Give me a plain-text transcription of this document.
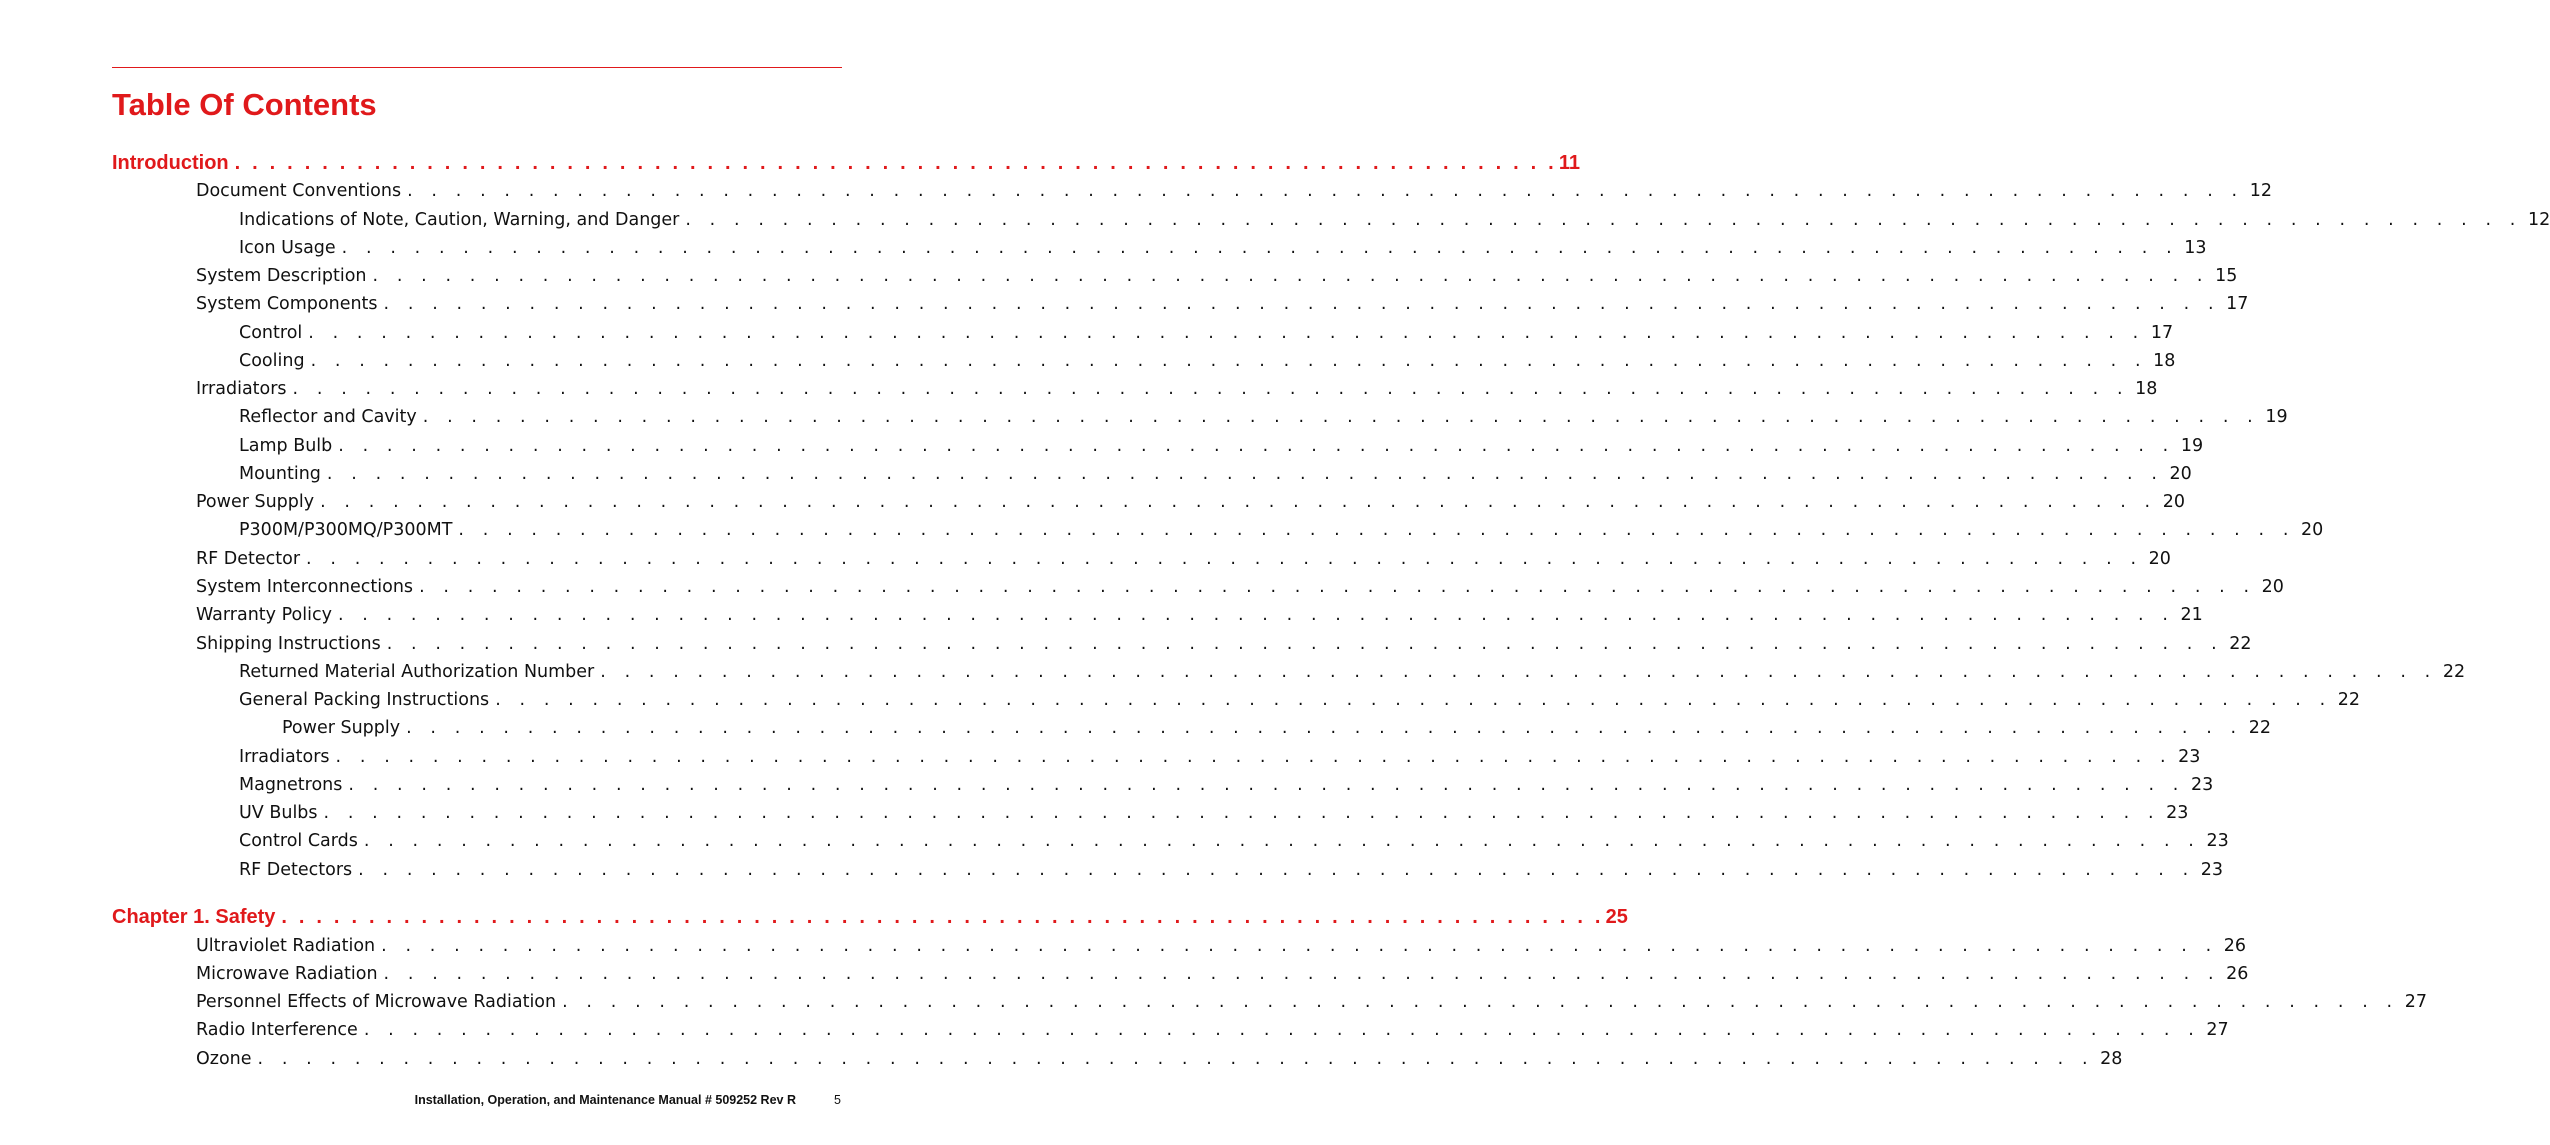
Table Of Contents
Introduction . . . . . . . . . . . . . . . . . . . . . . . . . . . . . . . . . . . . . . . . . . . . . . . . . . . . . . . . . . . . . . . . . . . . . . . . . . . . 11
Document Conventions . . . . . . . . . . . . . . . . . . . . . . . . . . . . . . . . . . . . . . . . . . . . . . . . . . . . . . . . . . . . . . . . . . . . . . . . . . . . 12
Indications of Note, Caution, Warning, and Danger . . . . . . . . . . . . . . . . . . . . . . . . . . . . . . . . . . . . . . . . . . . . . . . . . . . . . . . . . . . . . . . . . . . . . . . . . . . . 12
Icon Usage . . . . . . . . . . . . . . . . . . . . . . . . . . . . . . . . . . . . . . . . . . . . . . . . . . . . . . . . . . . . . . . . . . . . . . . . . . . . 13
System Description . . . . . . . . . . . . . . . . . . . . . . . . . . . . . . . . . . . . . . . . . . . . . . . . . . . . . . . . . . . . . . . . . . . . . . . . . . . . 15
System Components . . . . . . . . . . . . . . . . . . . . . . . . . . . . . . . . . . . . . . . . . . . . . . . . . . . . . . . . . . . . . . . . . . . . . . . . . . . . 17
Control . . . . . . . . . . . . . . . . . . . . . . . . . . . . . . . . . . . . . . . . . . . . . . . . . . . . . . . . . . . . . . . . . . . . . . . . . . . . 17
Cooling . . . . . . . . . . . . . . . . . . . . . . . . . . . . . . . . . . . . . . . . . . . . . . . . . . . . . . . . . . . . . . . . . . . . . . . . . . . . 18
Irradiators . . . . . . . . . . . . . . . . . . . . . . . . . . . . . . . . . . . . . . . . . . . . . . . . . . . . . . . . . . . . . . . . . . . . . . . . . . . . 18
Reflector and Cavity . . . . . . . . . . . . . . . . . . . . . . . . . . . . . . . . . . . . . . . . . . . . . . . . . . . . . . . . . . . . . . . . . . . . . . . . . . . . 19
Lamp Bulb . . . . . . . . . . . . . . . . . . . . . . . . . . . . . . . . . . . . . . . . . . . . . . . . . . . . . . . . . . . . . . . . . . . . . . . . . . . . 19
Mounting . . . . . . . . . . . . . . . . . . . . . . . . . . . . . . . . . . . . . . . . . . . . . . . . . . . . . . . . . . . . . . . . . . . . . . . . . . . . 20
Power Supply . . . . . . . . . . . . . . . . . . . . . . . . . . . . . . . . . . . . . . . . . . . . . . . . . . . . . . . . . . . . . . . . . . . . . . . . . . . . 20
P300M/P300MQ/P300MT . . . . . . . . . . . . . . . . . . . . . . . . . . . . . . . . . . . . . . . . . . . . . . . . . . . . . . . . . . . . . . . . . . . . . . . . . . . . 20
RF Detector . . . . . . . . . . . . . . . . . . . . . . . . . . . . . . . . . . . . . . . . . . . . . . . . . . . . . . . . . . . . . . . . . . . . . . . . . . . . 20
System Interconnections . . . . . . . . . . . . . . . . . . . . . . . . . . . . . . . . . . . . . . . . . . . . . . . . . . . . . . . . . . . . . . . . . . . . . . . . . . . . 20
Warranty Policy . . . . . . . . . . . . . . . . . . . . . . . . . . . . . . . . . . . . . . . . . . . . . . . . . . . . . . . . . . . . . . . . . . . . . . . . . . . . 21
Shipping Instructions . . . . . . . . . . . . . . . . . . . . . . . . . . . . . . . . . . . . . . . . . . . . . . . . . . . . . . . . . . . . . . . . . . . . . . . . . . . . 22
Returned Material Authorization Number . . . . . . . . . . . . . . . . . . . . . . . . . . . . . . . . . . . . . . . . . . . . . . . . . . . . . . . . . . . . . . . . . . . . . . . . . . . . 22
General Packing Instructions . . . . . . . . . . . . . . . . . . . . . . . . . . . . . . . . . . . . . . . . . . . . . . . . . . . . . . . . . . . . . . . . . . . . . . . . . . . . 22
Power Supply . . . . . . . . . . . . . . . . . . . . . . . . . . . . . . . . . . . . . . . . . . . . . . . . . . . . . . . . . . . . . . . . . . . . . . . . . . . . 22
Irradiators . . . . . . . . . . . . . . . . . . . . . . . . . . . . . . . . . . . . . . . . . . . . . . . . . . . . . . . . . . . . . . . . . . . . . . . . . . . . 23
Magnetrons . . . . . . . . . . . . . . . . . . . . . . . . . . . . . . . . . . . . . . . . . . . . . . . . . . . . . . . . . . . . . . . . . . . . . . . . . . . . 23
UV Bulbs . . . . . . . . . . . . . . . . . . . . . . . . . . . . . . . . . . . . . . . . . . . . . . . . . . . . . . . . . . . . . . . . . . . . . . . . . . . . 23
Control Cards . . . . . . . . . . . . . . . . . . . . . . . . . . . . . . . . . . . . . . . . . . . . . . . . . . . . . . . . . . . . . . . . . . . . . . . . . . . . 23
RF Detectors . . . . . . . . . . . . . . . . . . . . . . . . . . . . . . . . . . . . . . . . . . . . . . . . . . . . . . . . . . . . . . . . . . . . . . . . . . . . 23
Chapter 1. Safety . . . . . . . . . . . . . . . . . . . . . . . . . . . . . . . . . . . . . . . . . . . . . . . . . . . . . . . . . . . . . . . . . . . . . . . . . . . . 25
Ultraviolet Radiation . . . . . . . . . . . . . . . . . . . . . . . . . . . . . . . . . . . . . . . . . . . . . . . . . . . . . . . . . . . . . . . . . . . . . . . . . . . . 26
Microwave Radiation . . . . . . . . . . . . . . . . . . . . . . . . . . . . . . . . . . . . . . . . . . . . . . . . . . . . . . . . . . . . . . . . . . . . . . . . . . . . 26
Personnel Effects of Microwave Radiation . . . . . . . . . . . . . . . . . . . . . . . . . . . . . . . . . . . . . . . . . . . . . . . . . . . . . . . . . . . . . . . . . . . . . . . . . . . . 27
Radio Interference . . . . . . . . . . . . . . . . . . . . . . . . . . . . . . . . . . . . . . . . . . . . . . . . . . . . . . . . . . . . . . . . . . . . . . . . . . . . 27
Ozone . . . . . . . . . . . . . . . . . . . . . . . . . . . . . . . . . . . . . . . . . . . . . . . . . . . . . . . . . . . . . . . . . . . . . . . . . . . . 28
Installation, Operation, and Maintenance Manual # 509252 Rev R	5
